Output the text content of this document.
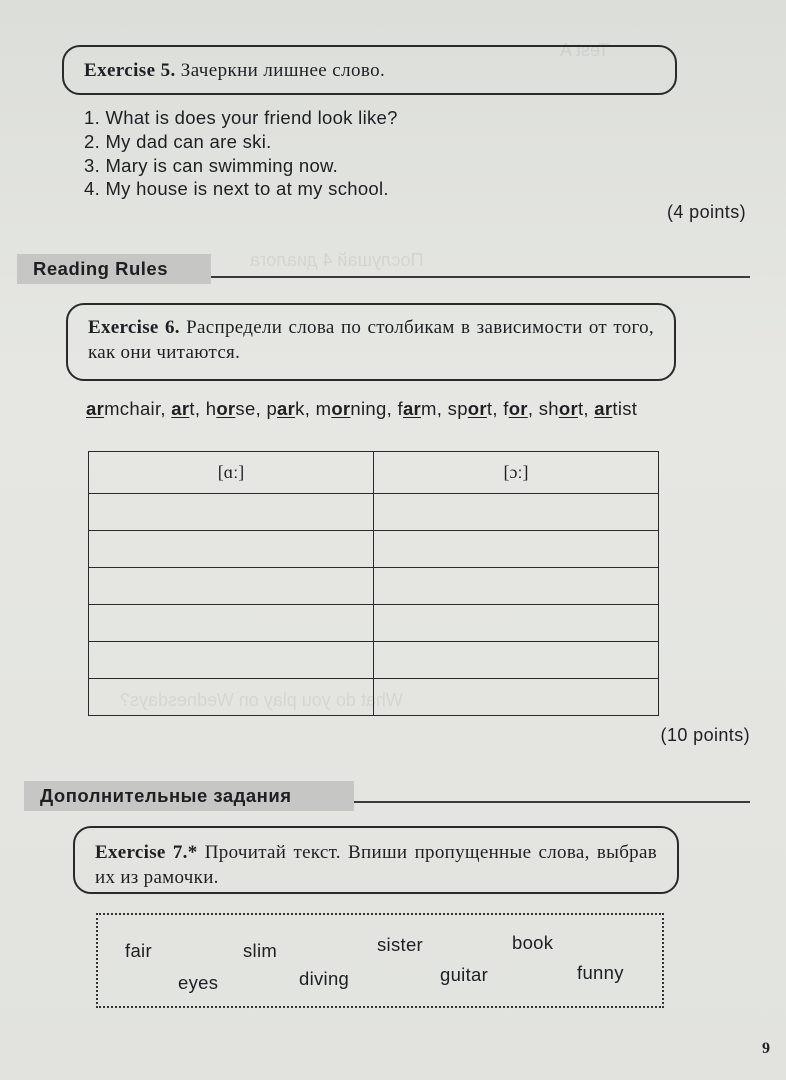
Test A
Послушай 4 диалога
What do you play on Wednesdays?
Exercise 5. Зачеркни лишнее слово.
1. What is does your friend look like?
2. My dad can are ski.
3. Mary is can swimming now.
4. My house is next to at my school.
(4 points)
Reading Rules
Exercise 6. Распредели слова по столбикам в зависимости от того, как они читаются.
armchair, art, horse, park, morning, farm, sport, for, short, artist
[ɑː]	[ɔː]

(10 points)
Дополнительные задания
Exercise 7.* Прочитай текст. Впиши пропущенные слова, выбрав их из рамочки.
fair	slim	sister	book
eyes	diving	guitar	funny
9
